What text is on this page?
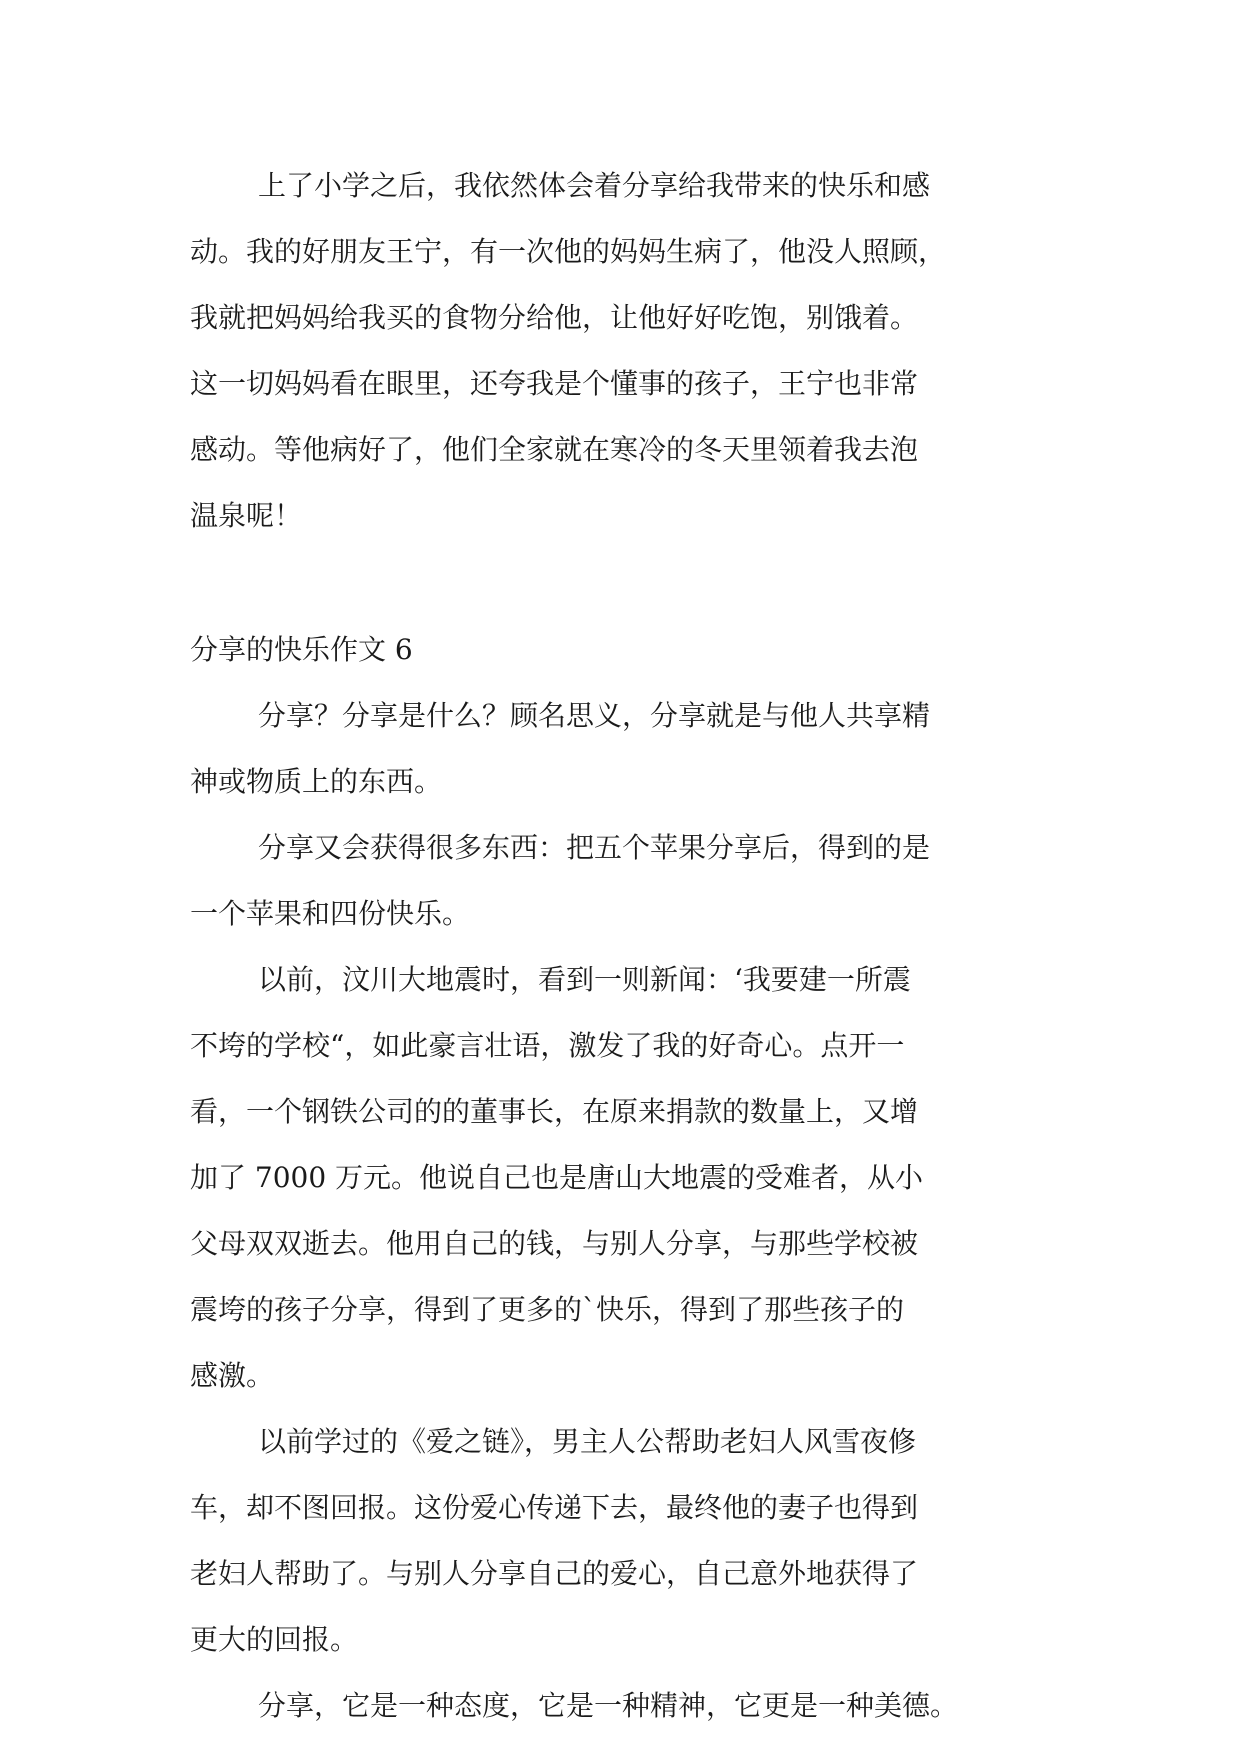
上了小学之后，我依然体会着分享给我带来的快乐和感

动。我的好朋友王宁，有一次他的妈妈生病了，他没人照顾，

我就把妈妈给我买的食物分给他，让他好好吃饱，别饿着。

这一切妈妈看在眼里，还夸我是个懂事的孩子，王宁也非常

感动。等他病好了，他们全家就在寒冷的冬天里领着我去泡

温泉呢！

分享的快乐作文 6

分享？分享是什么？顾名思义，分享就是与他人共享精

神或物质上的东西。

分享又会获得很多东西：把五个苹果分享后，得到的是

一个苹果和四份快乐。

以前，汶川大地震时，看到一则新闻：‘我要建一所震

不垮的学校“，如此豪言壮语，激发了我的好奇心。点开一

看，一个钢铁公司的的董事长，在原来捐款的数量上，又增

加了 7000 万元。他说自己也是唐山大地震的受难者，从小

父母双双逝去。他用自己的钱，与别人分享，与那些学校被

震垮的孩子分享，得到了更多的`快乐，得到了那些孩子的

感激。

以前学过的《爱之链》，男主人公帮助老妇人风雪夜修

车，却不图回报。这份爱心传递下去，最终他的妻子也得到

老妇人帮助了。与别人分享自己的爱心，自己意外地获得了

更大的回报。

分享，它是一种态度，它是一种精神，它更是一种美德。
